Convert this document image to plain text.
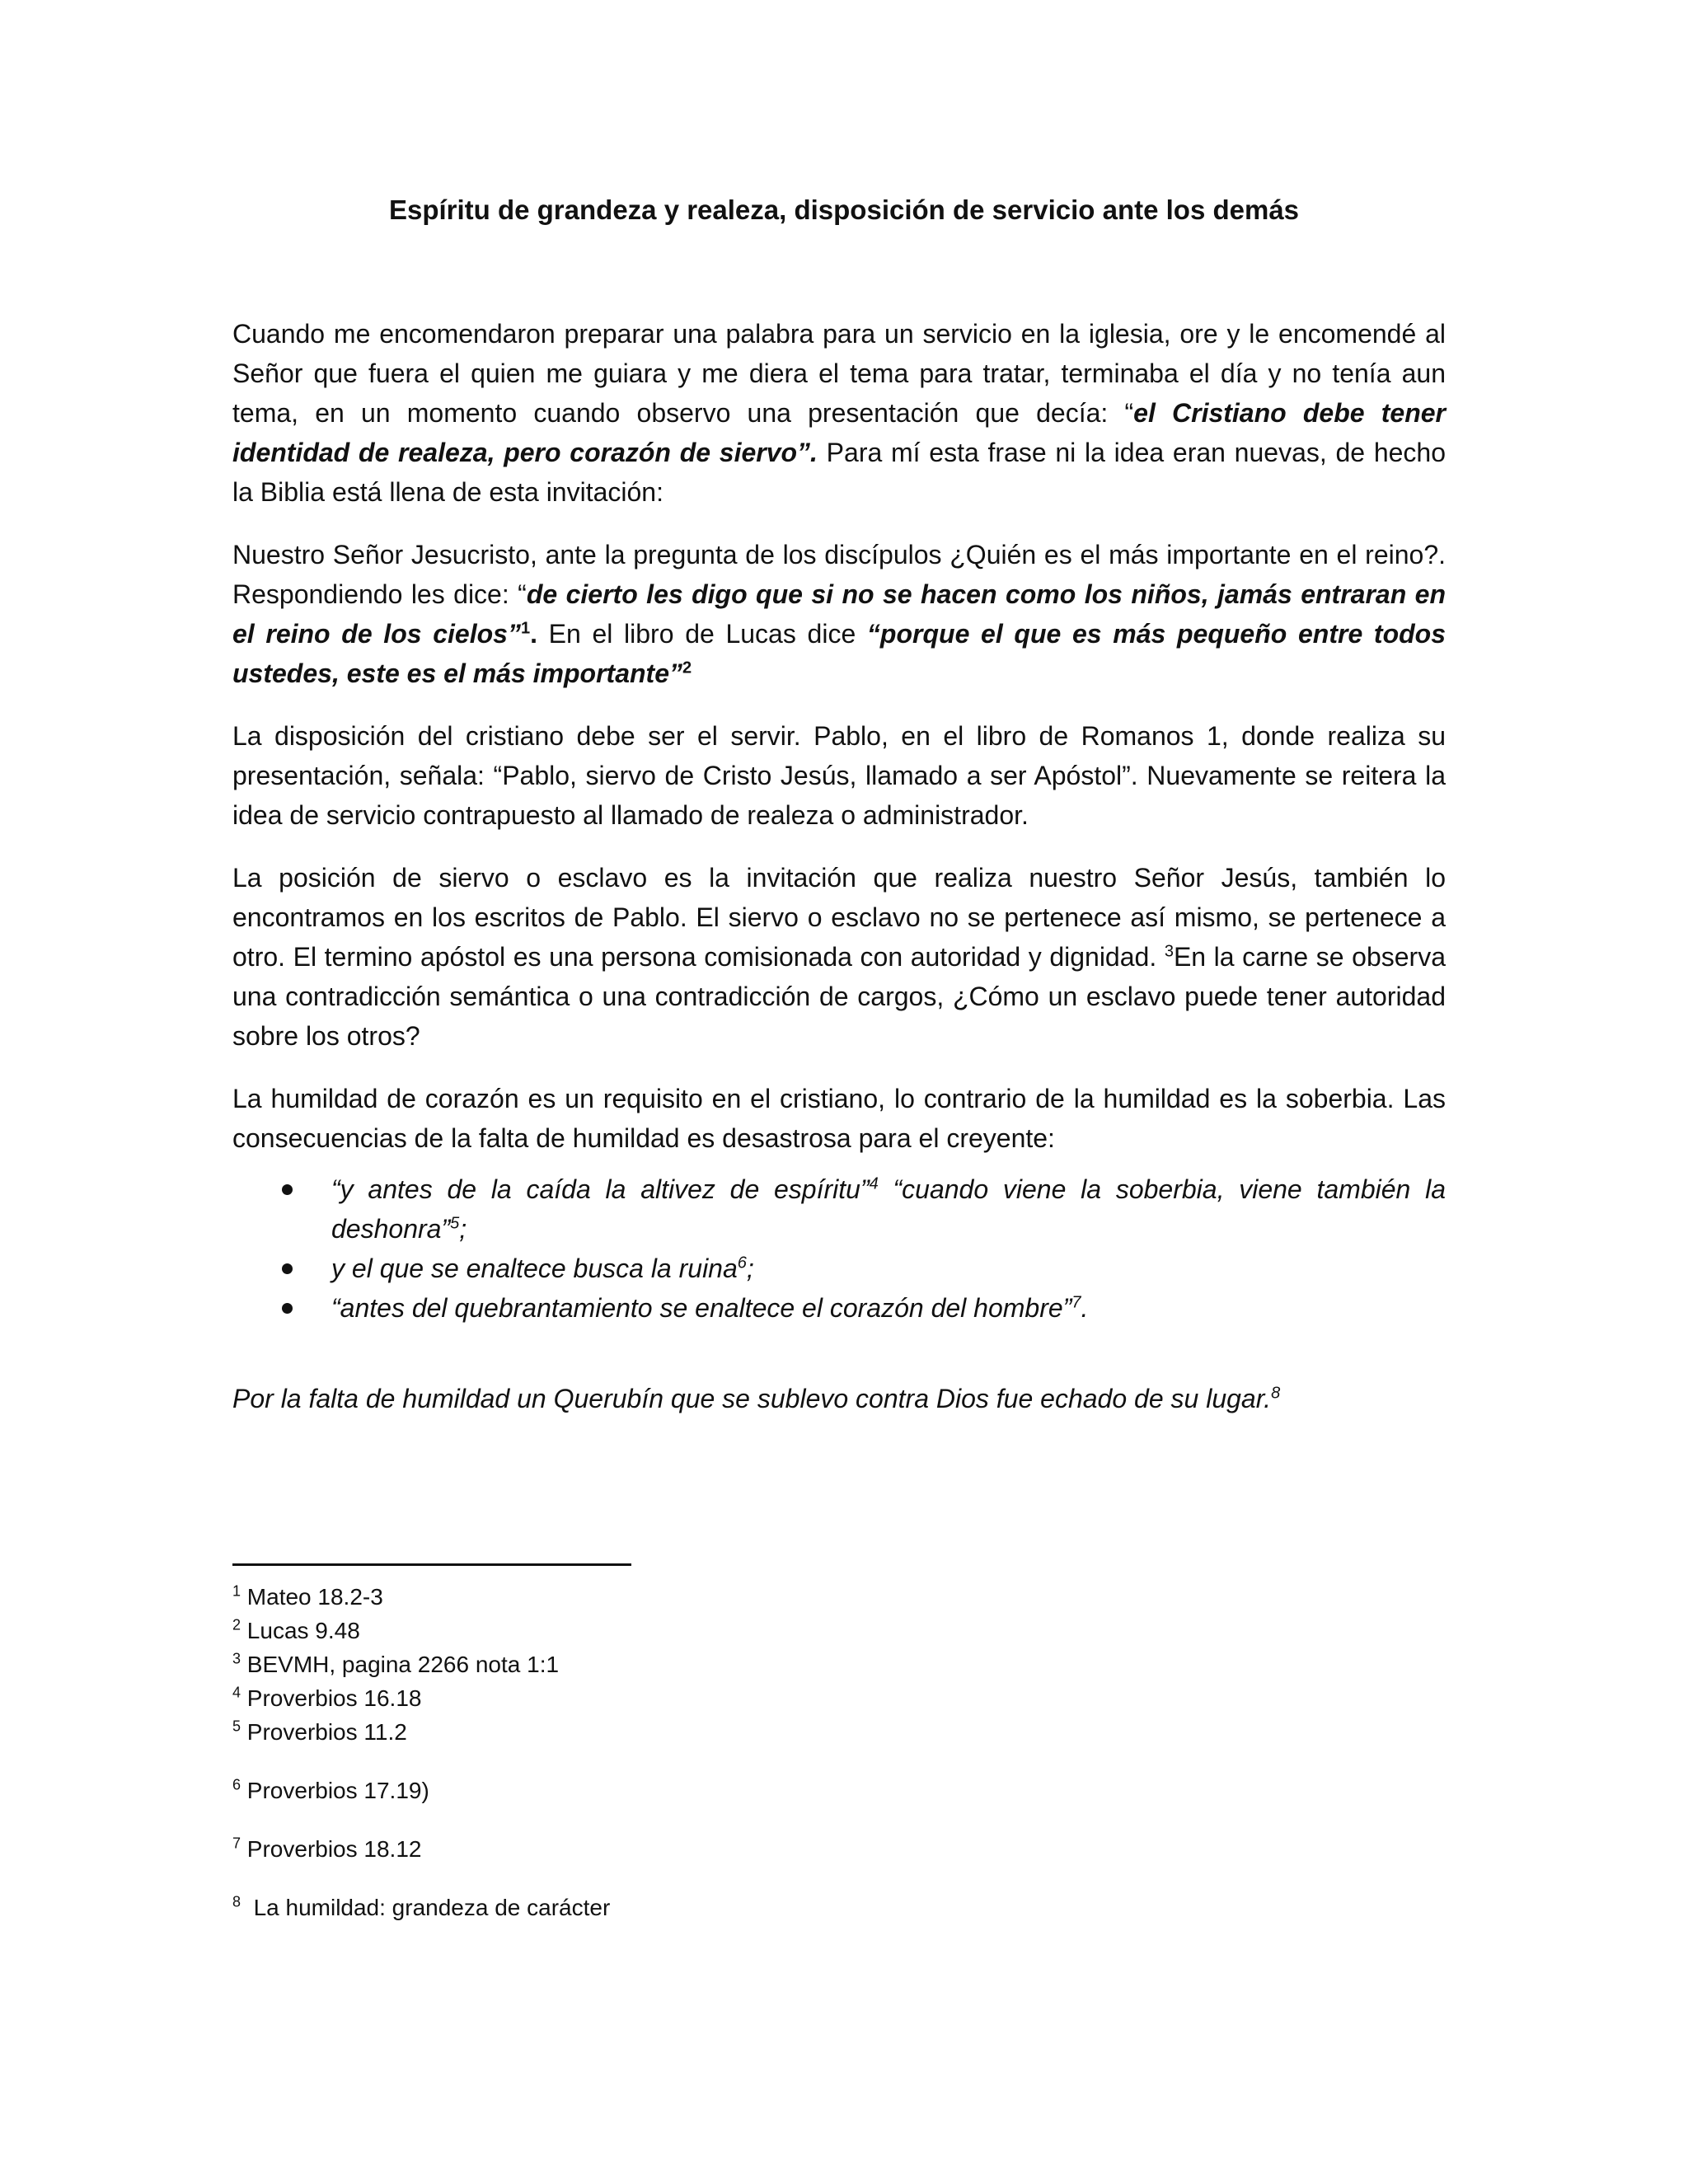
Espíritu de grandeza y realeza, disposición de servicio ante los demás

Cuando me encomendaron preparar una palabra para un servicio en la iglesia, ore y le encomendé al Señor que fuera el quien me guiara y me diera el tema para tratar, terminaba el día y no tenía aun tema, en un momento cuando observo una presentación que decía: “el Cristiano debe tener identidad de realeza, pero corazón de siervo”. Para mí esta frase ni la idea eran nuevas, de hecho la Biblia está llena de esta invitación:

Nuestro Señor Jesucristo, ante la pregunta de los discípulos ¿Quién es el más importante en el reino?. Respondiendo les dice: “de cierto les digo que si no se hacen como los niños, jamás entraran en el reino de los cielos”$^1$. En el libro de Lucas dice “porque el que es más pequeño entre todos ustedes, este es el más importante”$^2$

La disposición del cristiano debe ser el servir. Pablo, en el libro de Romanos 1, donde realiza su presentación, señala: “Pablo, siervo de Cristo Jesús, llamado a ser Apóstol”. Nuevamente se reitera la idea de servicio contrapuesto al llamado de realeza o administrador.

La posición de siervo o esclavo es la invitación que realiza nuestro Señor Jesús, también lo encontramos en los escritos de Pablo. El siervo o esclavo no se pertenece así mismo, se pertenece a otro. El termino apóstol es una persona comisionada con autoridad y dignidad. $^3$En la carne se observa una contradicción semántica o una contradicción de cargos, ¿Cómo un esclavo puede tener autoridad sobre los otros?

La humildad de corazón es un requisito en el cristiano, lo contrario de la humildad es la soberbia. Las consecuencias de la falta de humildad es desastrosa para el creyente:

“y antes de la caída la altivez de espíritu”$^4$ “cuando viene la soberbia, viene también la deshonra”$^5$;
y el que se enaltece busca la ruina$^6$;
“antes del quebrantamiento se enaltece el corazón del hombre”$^7$.

Por la falta de humildad un Querubín que se sublevo contra Dios fue echado de su lugar.$^8$

$^1$ Mateo 18.2-3

$^2$ Lucas 9.48

$^3$ BEVMH, pagina 2266 nota 1:1

$^4$ Proverbios 16.18

$^5$ Proverbios 11.2

$^6$ Proverbios 17.19)

$^7$ Proverbios 18.12

$^8$  La humildad: grandeza de carácter
